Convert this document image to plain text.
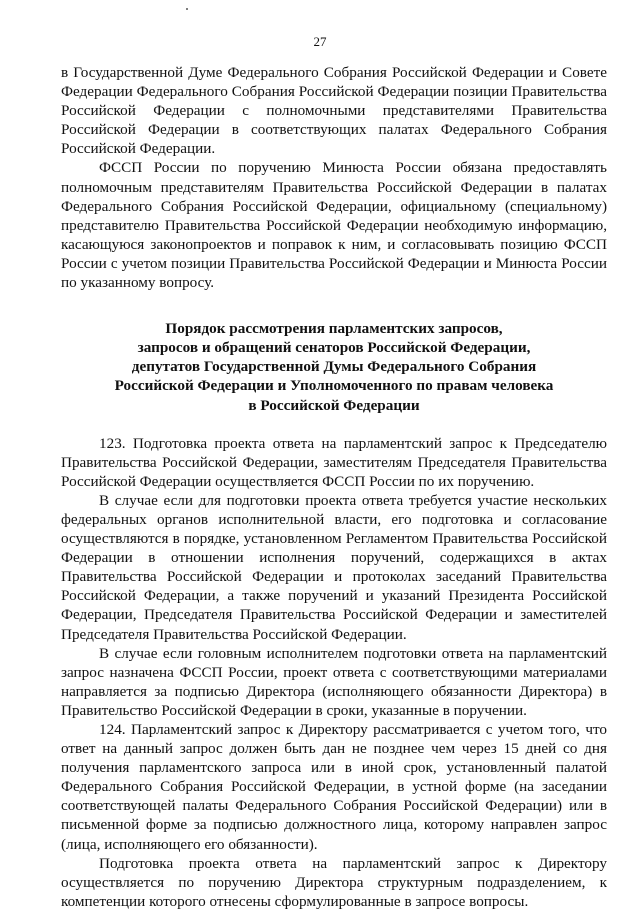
27

в Государственной Думе Федерального Собрания Российской Федерации и Совете Федерации Федерального Собрания Российской Федерации позиции Правительства Российской Федерации с полномочными представителями Правительства Российской Федерации в соответствующих палатах Федерального Собрания Российской Федерации.

ФССП России по поручению Минюста России обязана предоставлять полномочным представителям Правительства Российской Федерации в палатах Федерального Собрания Российской Федерации, официальному (специальному) представителю Правительства Российской Федерации необходимую информацию, касающуюся законопроектов и поправок к ним, и согласовывать позицию ФССП России с учетом позиции Правительства Российской Федерации и Минюста России по указанному вопросу.

Порядок рассмотрения парламентских запросов,
запросов и обращений сенаторов Российской Федерации,
депутатов Государственной Думы Федерального Собрания
Российской Федерации и Уполномоченного по правам человека
в Российской Федерации

123. Подготовка проекта ответа на парламентский запрос к Председателю Правительства Российской Федерации, заместителям Председателя Правительства Российской Федерации осуществляется ФССП России по их поручению.

В случае если для подготовки проекта ответа требуется участие нескольких федеральных органов исполнительной власти, его подготовка и согласование осуществляются в порядке, установленном Регламентом Правительства Российской Федерации в отношении исполнения поручений, содержащихся в актах Правительства Российской Федерации и протоколах заседаний Правительства Российской Федерации, а также поручений и указаний Президента Российской Федерации, Председателя Правительства Российской Федерации и заместителей Председателя Правительства Российской Федерации.

В случае если головным исполнителем подготовки ответа на парламентский запрос назначена ФССП России, проект ответа с соответствующими материалами направляется за подписью Директора (исполняющего обязанности Директора) в Правительство Российской Федерации в сроки, указанные в поручении.

124. Парламентский запрос к Директору рассматривается с учетом того, что ответ на данный запрос должен быть дан не позднее чем через 15 дней со дня получения парламентского запроса или в иной срок, установленный палатой Федерального Собрания Российской Федерации, в устной форме (на заседании соответствующей палаты Федерального Собрания Российской Федерации) или в письменной форме за подписью должностного лица, которому направлен запрос (лица, исполняющего его обязанности).

Подготовка проекта ответа на парламентский запрос к Директору осуществляется по поручению Директора структурным подразделением, к компетенции которого отнесены сформулированные в запросе вопросы.
